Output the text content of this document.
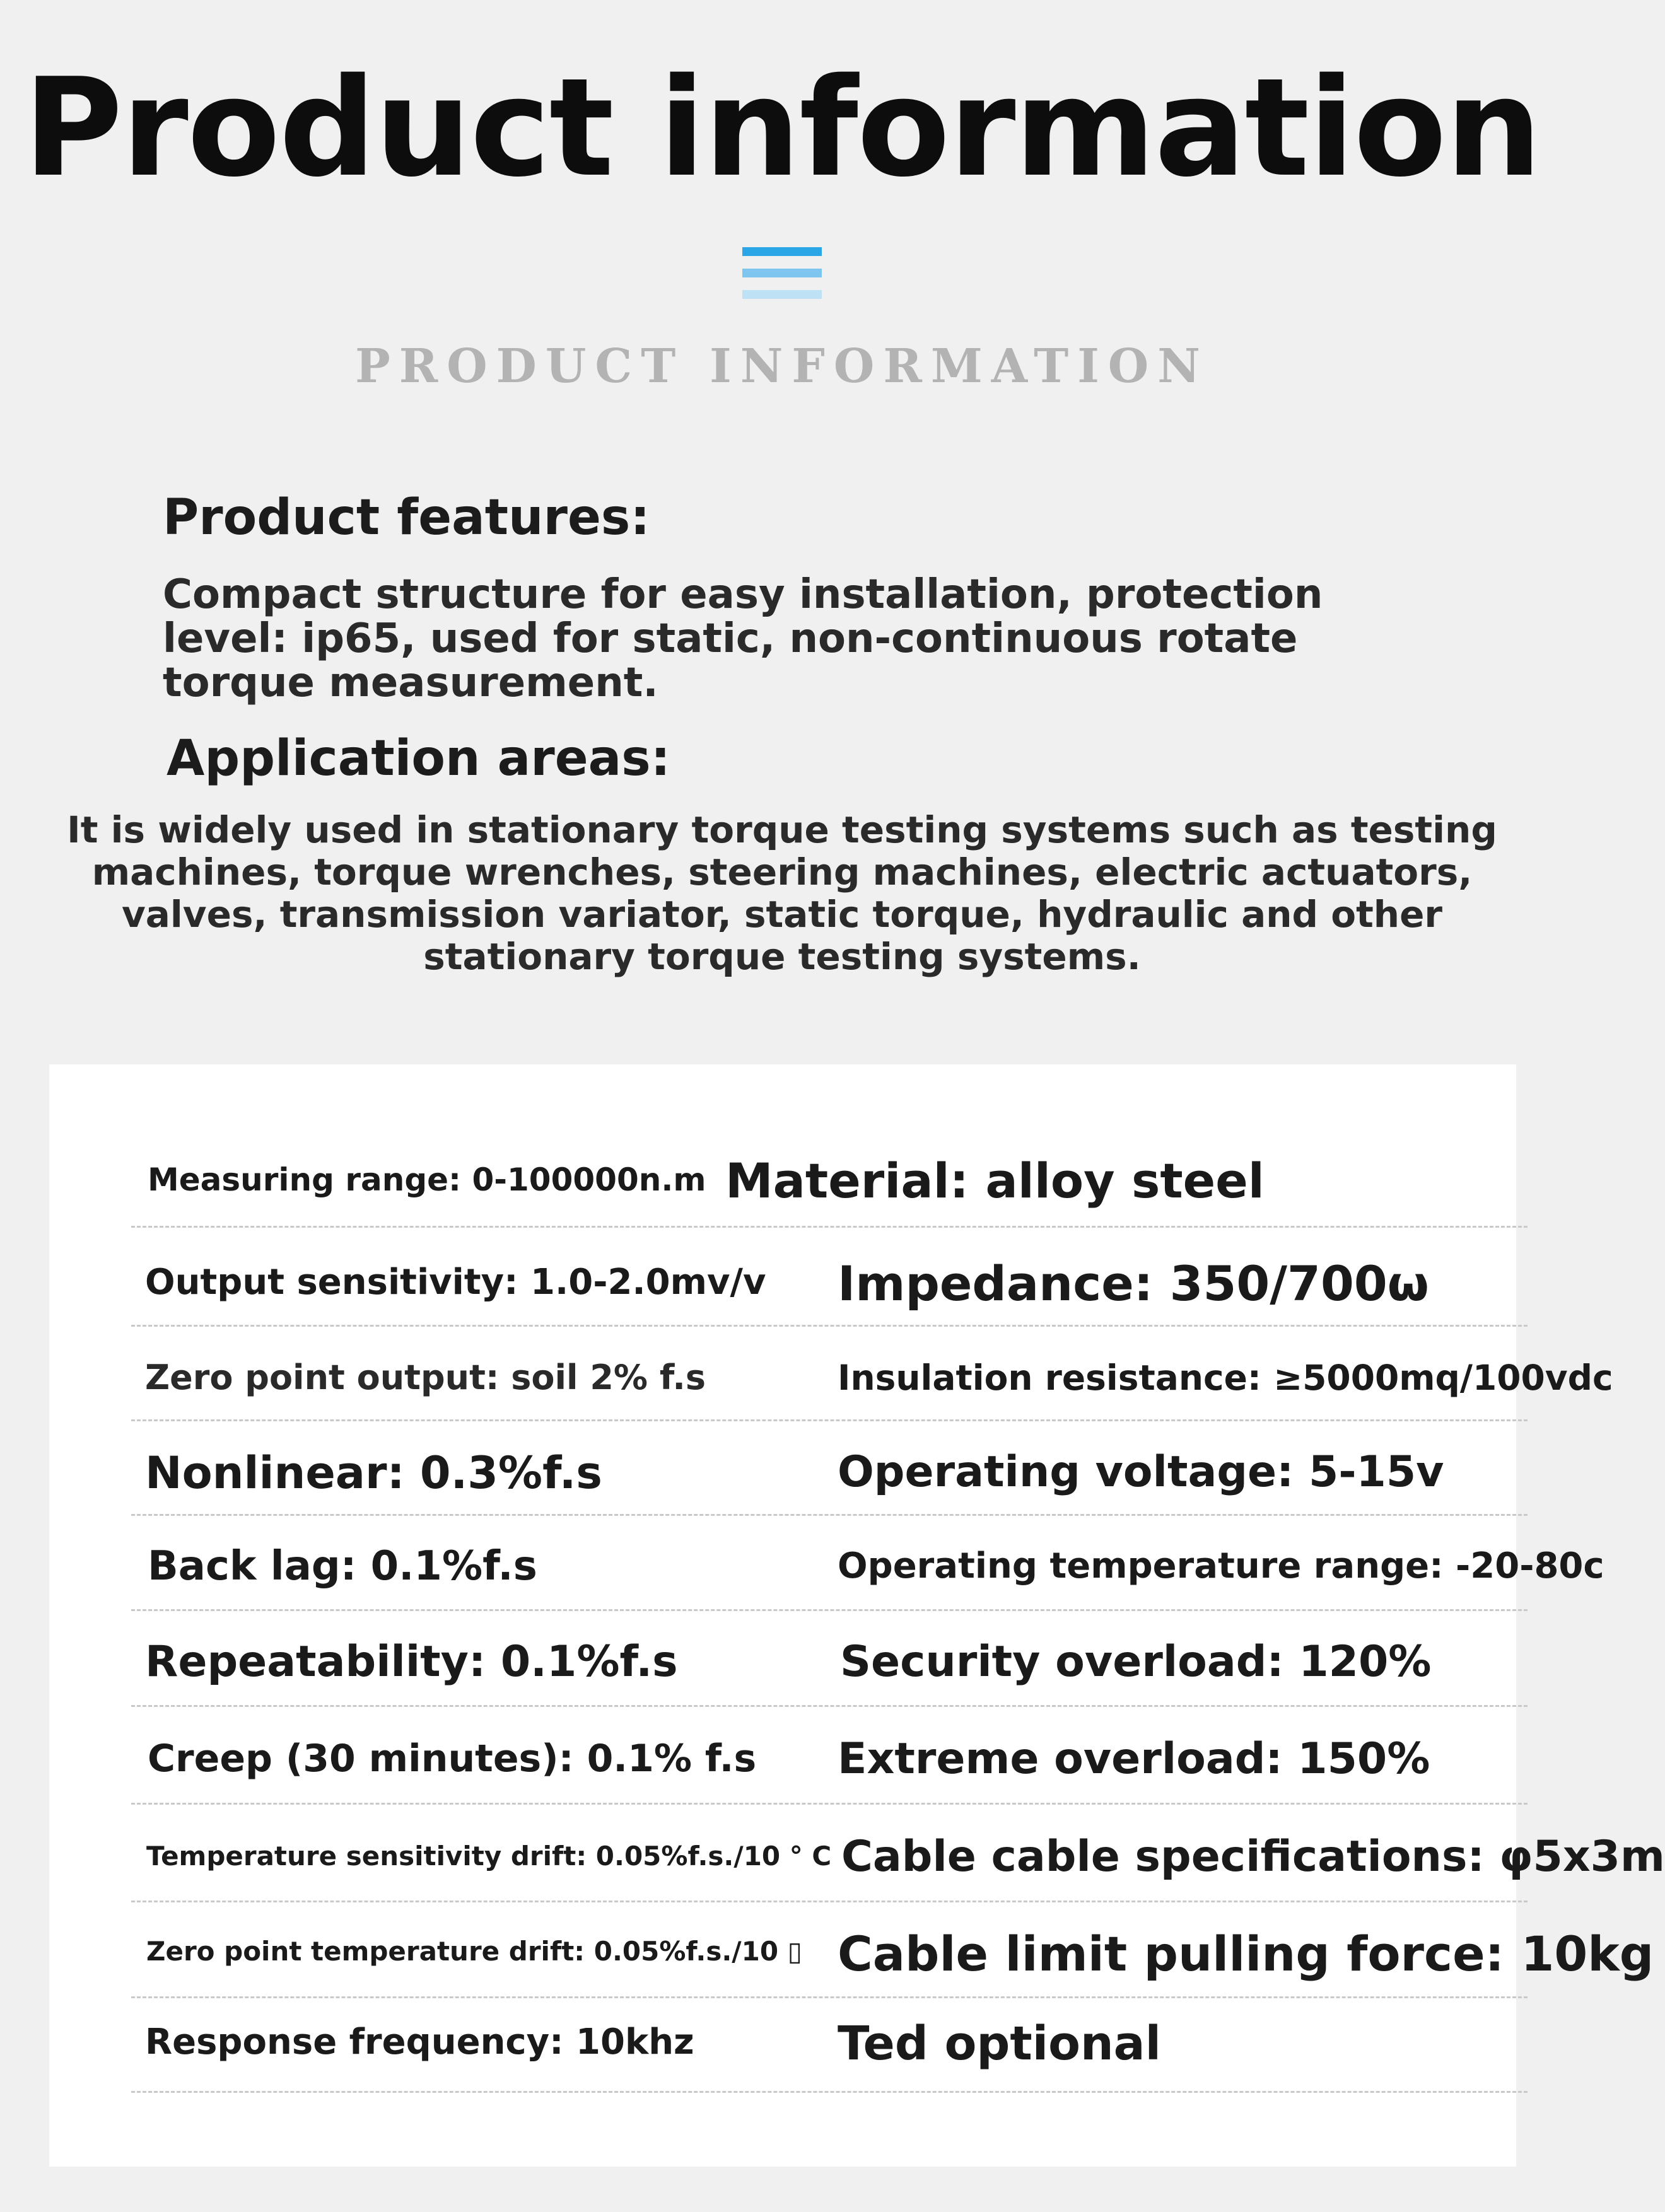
Product information
PRODUCT INFORMATION
Product features:
Compact structure for easy installation, protection level: ip65, used for static, non-continuous rotate torque measurement.
Application areas:
It is widely used in stationary torque testing systems such as testing machines, torque wrenches, steering machines, electric actuators, valves, transmission variator, static torque, hydraulic and other stationary torque testing systems.
Measuring range: 0-100000n.m Material: alloy steel
Output sensitivity: 1.0-2.0mv/v Impedance: 350/700ω
Zero point output: soil 2% f.s	Insulation resistance: ≥5000mq/100vdc
Nonlinear: 0.3%f.s	Operating voltage: 5-15v
Back lag: 0.1%f.s	Operating temperature range: -20-80c
Repeatability: 0.1%f.s	Security overload: 120%
Creep (30 minutes): 0.1% f.s Extreme overload: 150%
Temperature sensitivity drift: 0.05%f.s./10 ° C Cable cable specifications: φ5x3m
Zero point temperature drift: 0.05%f.s./10 ▯ Cable limit pulling force: 10kg
Response frequency: 10khz	Ted optional
